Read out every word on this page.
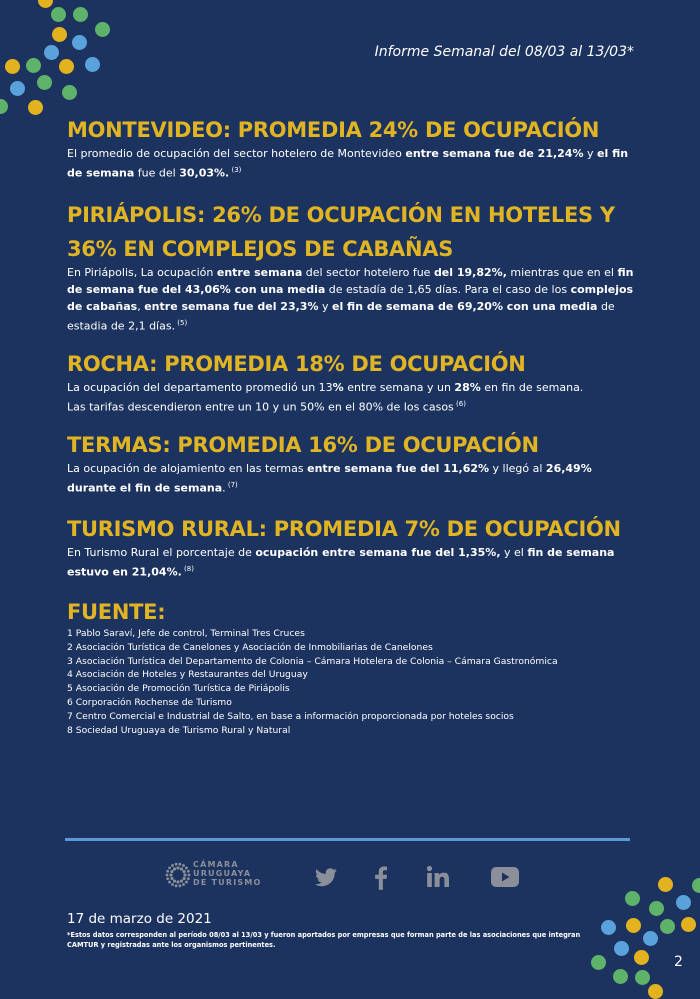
Informe Semanal del 08/03 al 13/03*
MONTEVIDEO: PROMEDIA 24% DE OCUPACIÓN

El promedio de ocupación del sector hotelero de Montevideo entre semana fue de 21,24% y el fin de semana fue del 30,03%. $^{(3)}$

PIRIÁPOLIS: 26% DE OCUPACIÓN EN HOTELES Y 36% EN COMPLEJOS DE CABAÑAS

En Piriápolis, La ocupación entre semana del sector hotelero fue del 19,82%, mientras que en el fin de semana fue del 43,06% con una media de estadía de 1,65 días. Para el caso de los complejos de cabañas, entre semana fue del 23,3% y el fin de semana de 69,20% con una media de estadia de 2,1 días. $^{(5)}$

ROCHA: PROMEDIA 18% DE OCUPACIÓN

La ocupación del departamento promedió un 13% entre semana y un 28% en fin de semana.
Las tarifas descendieron entre un 10 y un 50% en el 80% de los casos $^{(6)}$

TERMAS: PROMEDIA 16% DE OCUPACIÓN

La ocupación de alojamiento en las termas entre semana fue del 11,62% y llegó al 26,49% durante el fin de semana. $^{(7)}$

TURISMO RURAL: PROMEDIA 7% DE OCUPACIÓN

En Turismo Rural el porcentaje de ocupación entre semana fue del 1,35%, y el fin de semana estuvo en 21,04%. $^{(8)}$

FUENTE:
1 Pablo Saraví, Jefe de control, Terminal Tres Cruces
2 Asociación Turística de Canelones y Asociación de Inmobiliarias de Canelones
3 Asociación Turística del Departamento de Colonia – Cámara Hotelera de Colonia – Cámara Gastronómica
4 Asociación de Hoteles y Restaurantes del Uruguay
5 Asociación de Promoción Turística de Piriápolis
6 Corporación Rochense de Turismo
7 Centro Comercial e Industrial de Salto, en base a información proporcionada por hoteles socios
8 Sociedad Uruguaya de Turismo Rural y Natural
CÁMARA
URUGUAYA
DE TURISMO
17 de marzo de 2021
*Estos datos corresponden al período 08/03 al 13/03 y fueron aportados por empresas que forman parte de las asociaciones que integran CAMTUR y registradas ante los organismos pertinentes.
2
